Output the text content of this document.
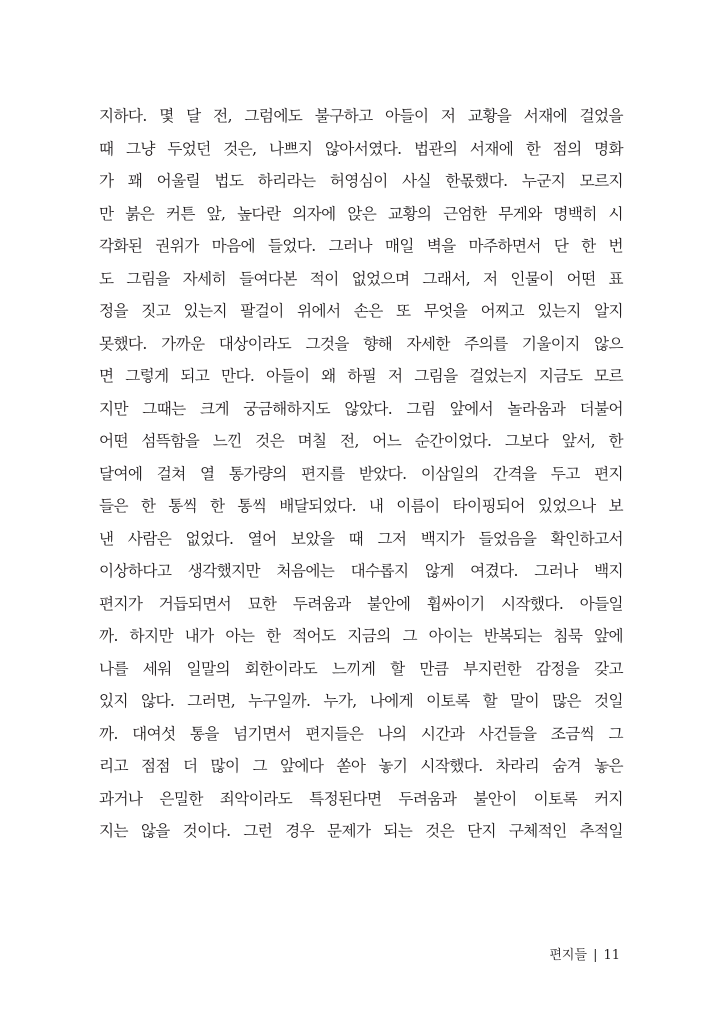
지하다. 몇 달 전, 그럼에도 불구하고 아들이 저 교황을 서재에 걸었을
때 그냥 두었던 것은, 나쁘지 않아서였다. 법관의 서재에 한 점의 명화
가 꽤 어울릴 법도 하리라는 허영심이 사실 한몫했다. 누군지 모르지
만 붉은 커튼 앞, 높다란 의자에 앉은 교황의 근엄한 무게와 명백히 시
각화된 권위가 마음에 들었다. 그러나 매일 벽을 마주하면서 단 한 번
도 그림을 자세히 들여다본 적이 없었으며 그래서, 저 인물이 어떤 표
정을 짓고 있는지 팔걸이 위에서 손은 또 무엇을 어찌고 있는지 알지
못했다. 가까운 대상이라도 그것을 향해 자세한 주의를 기울이지 않으
면 그렇게 되고 만다. 아들이 왜 하필 저 그림을 걸었는지 지금도 모르
지만 그때는 크게 궁금해하지도 않았다. 그림 앞에서 놀라움과 더불어
어떤 섬뜩함을 느낀 것은 며칠 전, 어느 순간이었다. 그보다 앞서, 한
달여에 걸쳐 열 통가량의 편지를 받았다. 이삼일의 간격을 두고 편지
들은 한 통씩 한 통씩 배달되었다. 내 이름이 타이핑되어 있었으나 보
낸 사람은 없었다. 열어 보았을 때 그저 백지가 들었음을 확인하고서
이상하다고 생각했지만 처음에는 대수롭지 않게 여겼다. 그러나 백지
편지가 거듭되면서 묘한 두려움과 불안에 휩싸이기 시작했다. 아들일
까. 하지만 내가 아는 한 적어도 지금의 그 아이는 반복되는 침묵 앞에
나를 세워 일말의 회한이라도 느끼게 할 만큼 부지런한 감정을 갖고
있지 않다. 그러면, 누구일까. 누가, 나에게 이토록 할 말이 많은 것일
까. 대여섯 통을 넘기면서 편지들은 나의 시간과 사건들을 조금씩 그
리고 점점 더 많이 그 앞에다 쏟아 놓기 시작했다. 차라리 숨겨 놓은
과거나 은밀한 죄악이라도 특정된다면 두려움과 불안이 이토록 커지
지는 않을 것이다. 그런 경우 문제가 되는 것은 단지 구체적인 추적일
편지들 | 11
